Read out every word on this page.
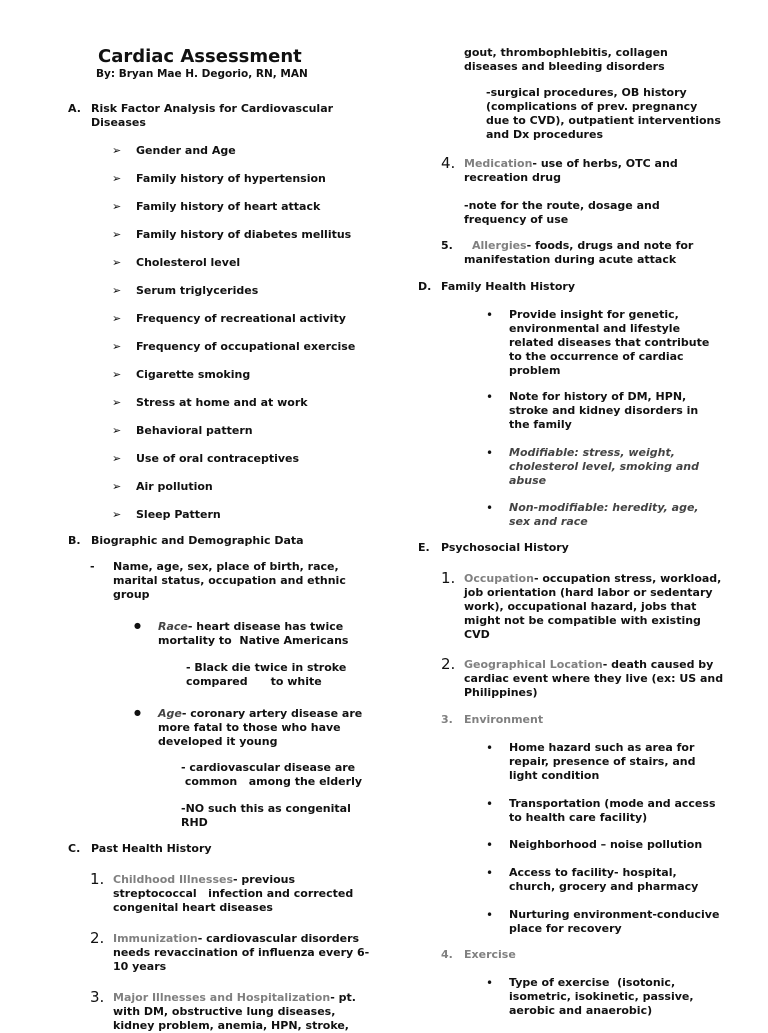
Cardiac Assessment
By: Bryan Mae H. Degorio, RN, MAN
A. Risk Factor Analysis for Cardiovascular
Diseases
➢ Gender and Age
➢ Family history of hypertension
➢ Family history of heart attack
➢ Family history of diabetes mellitus
➢ Cholesterol level
➢ Serum triglycerides
➢ Frequency of recreational activity
➢ Frequency of occupational exercise
➢ Cigarette smoking
➢ Stress at home and at work
➢ Behavioral pattern
➢ Use of oral contraceptives
➢ Air pollution
➢ Sleep Pattern
B. Biographic and Demographic Data
- Name, age, sex, place of birth, race,
marital status, occupation and ethnic
group
● Race- heart disease has twice
mortality to  Native Americans
- Black die twice in stroke
compared      to white
● Age- coronary artery disease are
more fatal to those who have
developed it young
- cardiovascular disease are
common   among the elderly
-NO such this as congenital
RHD
C. Past Health History
1. Childhood Illnesses- previous
streptococcal   infection and corrected
congenital heart diseases
2. Immunization- cardiovascular disorders
needs revaccination of influenza every 6-
10 years
3. Major Illnesses and Hospitalization- pt.
with DM, obstructive lung diseases,
kidney problem, anemia, HPN, stroke,
gout, thrombophlebitis, collagen
diseases and bleeding disorders
-surgical procedures, OB history
(complications of prev. pregnancy
due to CVD), outpatient interventions
and Dx procedures
4. Medication- use of herbs, OTC and
recreation drug
-note for the route, dosage and
frequency of use
5.	Allergies- foods, drugs and note for
manifestation during acute attack
D. Family Health History
• Provide insight for genetic,
environmental and lifestyle
related diseases that contribute
to the occurrence of cardiac
problem
• Note for history of DM, HPN,
stroke and kidney disorders in
the family
• Modifiable: stress, weight,
cholesterol level, smoking and
abuse
• Non-modifiable: heredity, age,
sex and race
E. Psychosocial History
1. Occupation- occupation stress, workload,
job orientation (hard labor or sedentary
work), occupational hazard, jobs that
might not be compatible with existing
CVD
2. Geographical Location- death caused by
cardiac event where they live (ex: US and
Philippines)
3. Environment
• Home hazard such as area for
repair, presence of stairs, and
light condition
• Transportation (mode and access
to health care facility)
• Neighborhood – noise pollution
• Access to facility- hospital,
church, grocery and pharmacy
• Nurturing environment-conducive
place for recovery
4. Exercise
• Type of exercise  (isotonic,
isometric, isokinetic, passive,
aerobic and anaerobic)
